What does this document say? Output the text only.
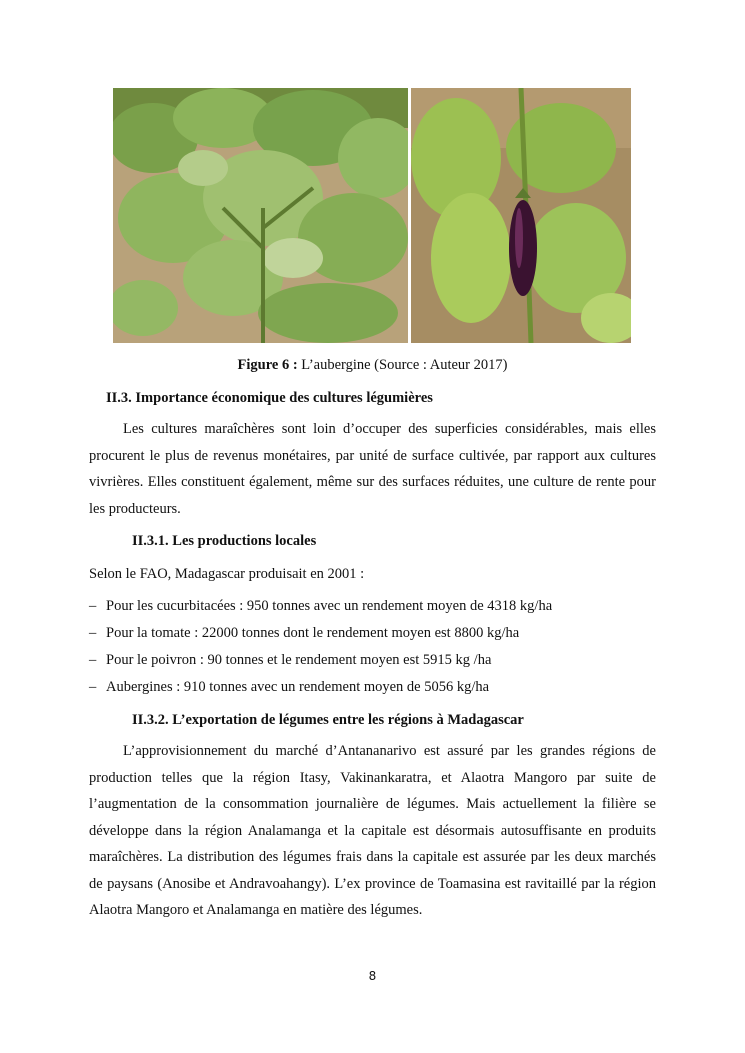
Figure 6 : L’aubergine (Source : Auteur 2017)
II.3. Importance économique des cultures légumières
Les cultures maraîchères sont loin d’occuper des superficies considérables, mais elles procurent le plus de revenus monétaires, par unité de surface cultivée, par rapport aux cultures vivrières. Elles constituent également, même sur des surfaces réduites, une culture de rente pour les producteurs.
II.3.1. Les productions locales
Selon le FAO, Madagascar produisait en 2001 :
– Pour les cucurbitacées : 950 tonnes avec un rendement moyen de 4318 kg/ha
– Pour la tomate : 22000 tonnes dont le rendement moyen est 8800 kg/ha
– Pour le poivron : 90 tonnes et le rendement moyen est 5915 kg /ha
– Aubergines : 910 tonnes avec un rendement moyen de 5056 kg/ha
II.3.2. L’exportation de légumes entre les régions à Madagascar
L’approvisionnement du marché d’Antananarivo est assuré par les grandes régions de production telles que la région Itasy, Vakinankaratra, et Alaotra Mangoro par suite de l’augmentation de la consommation journalière de légumes. Mais actuellement la filière se développe dans la région Analamanga et la capitale est désormais autosuffisante en produits maraîchères. La distribution des légumes frais dans la capitale est assurée par les deux marchés de paysans (Anosibe et Andravoahangy). L’ex province de Toamasina est ravitaillé par la région Alaotra Mangoro et Analamanga en matière des légumes.
8
